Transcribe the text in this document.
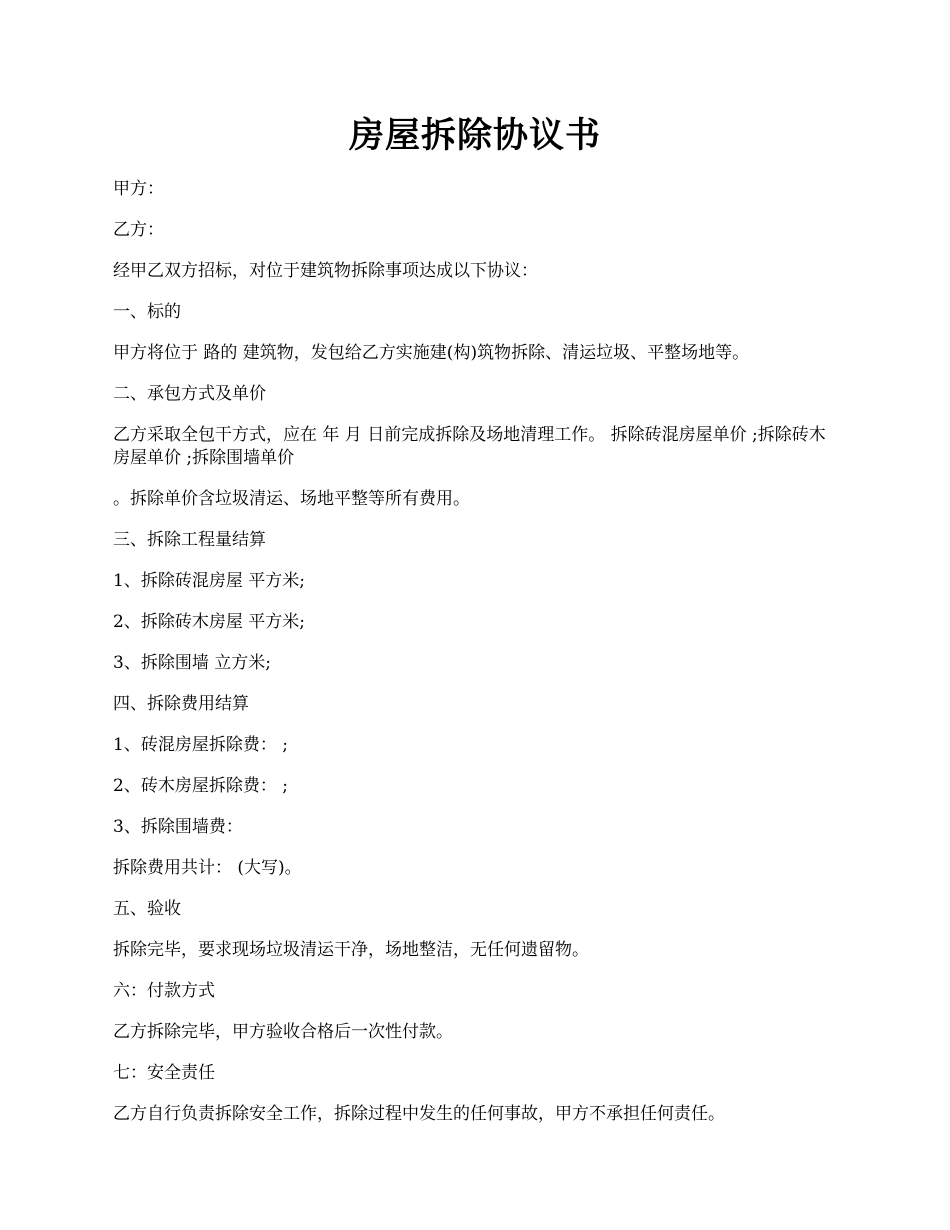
房屋拆除协议书

甲方：

乙方：

经甲乙双方招标，对位于建筑物拆除事项达成以下协议：

一、标的

甲方将位于 路的 建筑物，发包给乙方实施建(构)筑物拆除、清运垃圾、平整场地等。

二、承包方式及单价

乙方采取全包干方式，应在 年 月 日前完成拆除及场地清理工作。 拆除砖混房屋单价 ;拆除砖木房屋单价 ;拆除围墙单价

。拆除单价含垃圾清运、场地平整等所有费用。

三、拆除工程量结算

1、拆除砖混房屋 平方米;

2、拆除砖木房屋 平方米;

3、拆除围墙 立方米;

四、拆除费用结算

1、砖混房屋拆除费： ;

2、砖木房屋拆除费： ;

3、拆除围墙费：

拆除费用共计： (大写)。

五、验收

拆除完毕，要求现场垃圾清运干净，场地整洁，无任何遗留物。

六：付款方式

乙方拆除完毕，甲方验收合格后一次性付款。

七：安全责任

乙方自行负责拆除安全工作，拆除过程中发生的任何事故，甲方不承担任何责任。
